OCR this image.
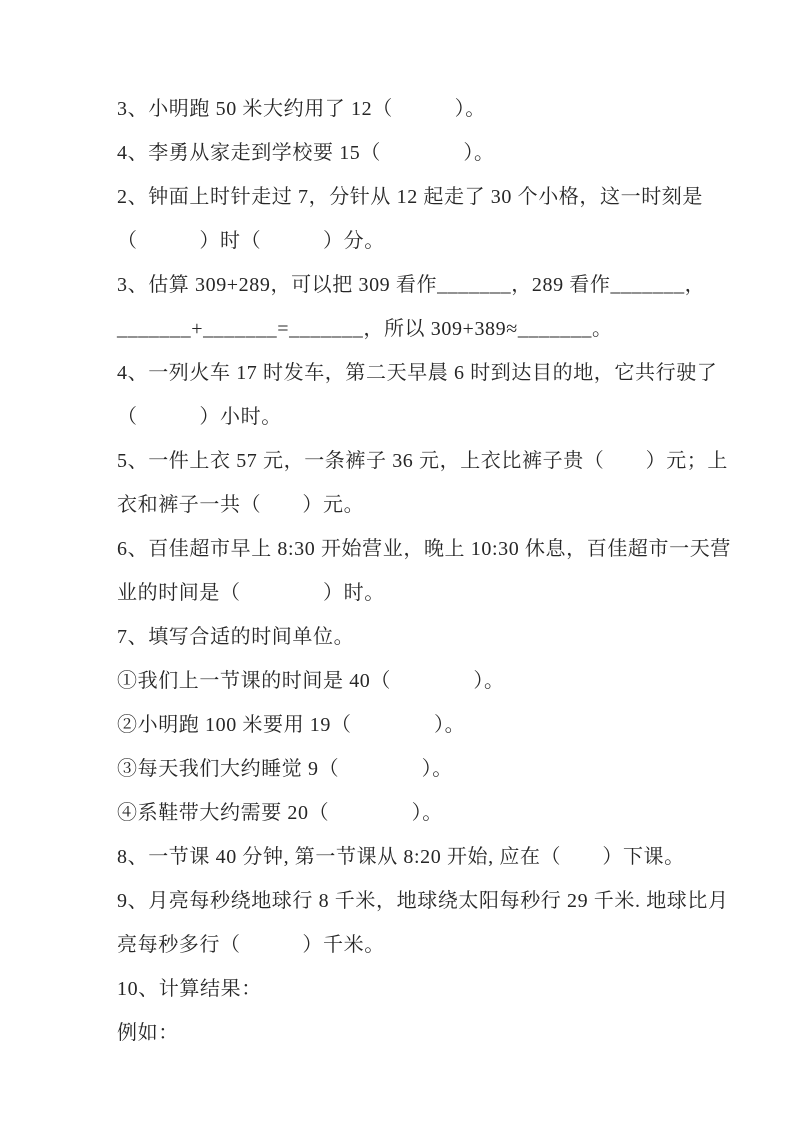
3、小明跑 50 米大约用了 12（　　　）。
4、李勇从家走到学校要 15（　　　　）。
2、钟面上时针走过 7，分针从 12 起走了 30 个小格，这一时刻是
（　　　）时（　　　）分。
3、估算 309+289，可以把 309 看作_______，289 看作_______，
_______+_______=_______，所以 309+389≈_______。
4、一列火车 17 时发车，第二天早晨 6 时到达目的地，它共行驶了
（　　　）小时。
5、一件上衣 57 元，一条裤子 36 元，上衣比裤子贵（　　）元；上
衣和裤子一共（　　）元。
6、百佳超市早上 8:30 开始营业，晚上 10:30 休息，百佳超市一天营
业的时间是（　　　　）时。
7、填写合适的时间单位。
①我们上一节课的时间是 40（　　　　）。
②小明跑 100 米要用 19（　　　　）。
③每天我们大约睡觉 9（　　　　）。
④系鞋带大约需要 20（　　　　）。
8、一节课 40 分钟, 第一节课从 8:20 开始, 应在（　　）下课。
9、月亮每秒绕地球行 8 千米，地球绕太阳每秒行 29 千米. 地球比月
亮每秒多行（　　　）千米。
10、计算结果：
例如：
